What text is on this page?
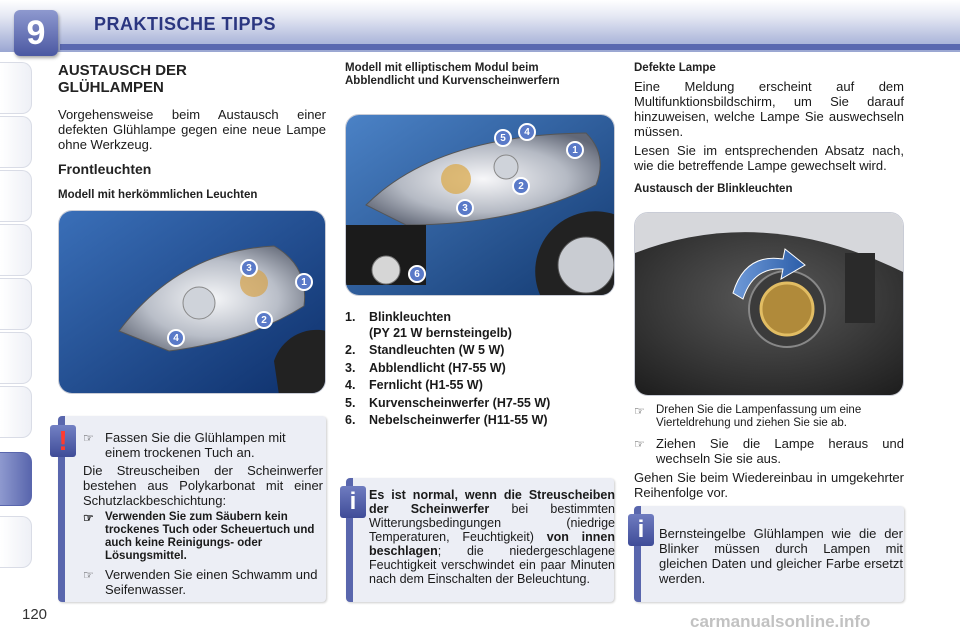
9	PRAKTISCHE TIPPS
AUSTAUSCH DER GLÜHLAMPEN
Vorgehensweise beim Austausch einer defekten Glühlampe gegen eine neue Lampe ohne Werkzeug.
Frontleuchten
Modell mit herkömmlichen Leuchten
3
1
2
4
☞ Fassen Sie die Glühlampen mit einem trockenen Tuch an.
Die Streuscheiben der Scheinwerfer bestehen aus Polykarbonat mit einer Schutzlackbeschichtung:
☞ Verwenden Sie zum Säubern kein trockenes Tuch oder Scheuertuch und auch keine Reinigungs- oder Lösungsmittel.
☞ Verwenden Sie einen Schwamm und Seifenwasser.
!
Modell mit elliptischem Modul beim Abblendlicht und Kurvenscheinwerfern
5
4
1
2
3
6
1.	Blinkleuchten
(PY 21 W bernsteingelb)
2.	Standleuchten (W 5 W)
3.	Abblendlicht (H7-55 W)
4.	Fernlicht (H1-55 W)
5.	Kurvenscheinwerfer (H7-55 W)
6.	Nebelscheinwerfer (H11-55 W)
Es ist normal, wenn die Streuscheiben der Scheinwerfer bei bestimmten Witterungsbedingungen (niedrige Temperaturen, Feuchtigkeit) von innen beschlagen; die niedergeschlagene Feuchtigkeit verschwindet ein paar Minuten nach dem Einschalten der Beleuchtung.
i
Defekte Lampe
Eine Meldung erscheint auf dem Multifunktionsbildschirm, um Sie darauf hinzuweisen, welche Lampe Sie auswechseln müssen.
Lesen Sie im entsprechenden Absatz nach, wie die betreffende Lampe gewechselt wird.
Austausch der Blinkleuchten
☞ Drehen Sie die Lampenfassung um eine Vierteldrehung und ziehen Sie sie ab.
☞ Ziehen Sie die Lampe heraus und wechseln Sie sie aus.
Gehen Sie beim Wiedereinbau in umgekehrter Reihenfolge vor.
Bernsteingelbe Glühlampen wie die der Blinker müssen durch Lampen mit gleichen Daten und gleicher Farbe ersetzt werden.
i
120	carmanualsonline.info
